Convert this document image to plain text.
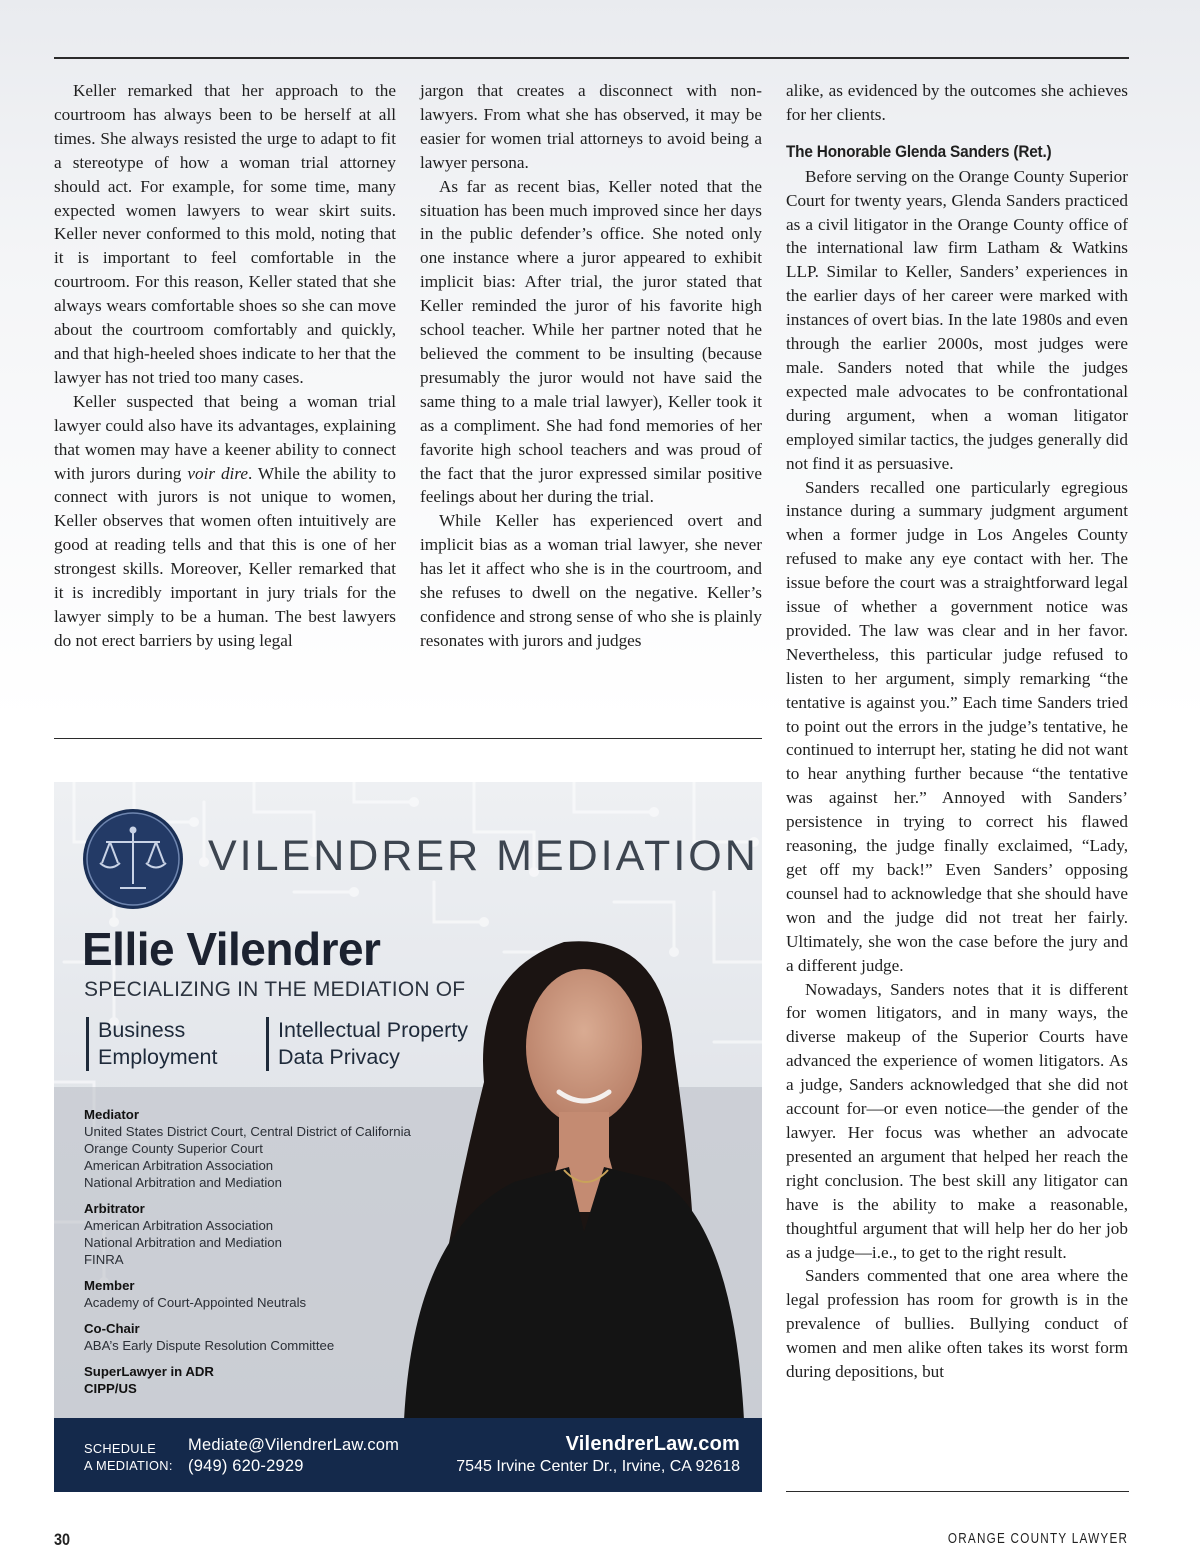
Keller remarked that her approach to the courtroom has always been to be herself at all times. She always resisted the urge to adapt to fit a stereotype of how a woman trial attorney should act. For example, for some time, many expected women lawyers to wear skirt suits. Keller never conformed to this mold, noting that it is important to feel comfortable in the courtroom. For this reason, Keller stated that she always wears comfortable shoes so she can move about the courtroom comfortably and quickly, and that high-heeled shoes indicate to her that the lawyer has not tried too many cases.

Keller suspected that being a woman trial lawyer could also have its advantages, explaining that women may have a keener ability to connect with jurors during voir dire. While the ability to connect with jurors is not unique to women, Keller observes that women often intuitively are good at reading tells and that this is one of her strongest skills. Moreover, Keller remarked that it is incredibly important in jury trials for the lawyer simply to be a human. The best lawyers do not erect barriers by using legal

jargon that creates a disconnect with non-lawyers. From what she has observed, it may be easier for women trial attorneys to avoid being a lawyer persona.

As far as recent bias, Keller noted that the situation has been much improved since her days in the public defender’s office. She noted only one instance where a juror appeared to exhibit implicit bias: After trial, the juror stated that Keller reminded the juror of his favorite high school teacher. While her partner noted that he believed the comment to be insulting (because presumably the juror would not have said the same thing to a male trial lawyer), Keller took it as a compliment. She had fond memories of her favorite high school teachers and was proud of the fact that the juror expressed similar positive feelings about her during the trial.

While Keller has experienced overt and implicit bias as a woman trial lawyer, she never has let it affect who she is in the courtroom, and she refuses to dwell on the negative. Keller’s confidence and strong sense of who she is plainly resonates with jurors and judges

alike, as evidenced by the outcomes she achieves for her clients.

The Honorable Glenda Sanders (Ret.)

Before serving on the Orange County Superior Court for twenty years, Glenda Sanders practiced as a civil litigator in the Orange County office of the international law firm Latham & Watkins LLP. Similar to Keller, Sanders’ experiences in the earlier days of her career were marked with instances of overt bias. In the late 1980s and even through the earlier 2000s, most judges were male. Sanders noted that while the judges expected male advocates to be confrontational during argument, when a woman litigator employed similar tactics, the judges generally did not find it as persuasive.

Sanders recalled one particularly egregious instance during a summary judgment argument when a former judge in Los Angeles County refused to make any eye contact with her. The issue before the court was a straightforward legal issue of whether a government notice was provided. The law was clear and in her favor. Nevertheless, this particular judge refused to listen to her argument, simply remarking “the tentative is against you.” Each time Sanders tried to point out the errors in the judge’s tentative, he continued to interrupt her, stating he did not want to hear anything further because “the tentative was against her.” Annoyed with Sanders’ persistence in trying to correct his flawed reasoning, the judge finally exclaimed, “Lady, get off my back!” Even Sanders’ opposing counsel had to acknowledge that she should have won and the judge did not treat her fairly. Ultimately, she won the case before the jury and a different judge.

Nowadays, Sanders notes that it is different for women litigators, and in many ways, the diverse makeup of the Superior Courts have advanced the experience of women litigators. As a judge, Sanders acknowledged that she did not account for—or even notice—the gender of the lawyer. Her focus was whether an advocate presented an argument that helped her reach the right conclusion. The best skill any litigator can have is the ability to make a reasonable, thoughtful argument that will help her do her job as a judge—i.e., to get to the right result.

Sanders commented that one area where the legal profession has room for growth is in the prevalence of bullies. Bullying conduct of women and men alike often takes its worst form during depositions, but

VILENDRER MEDIATION
Ellie Vilendrer
SPECIALIZING IN THE MEDIATION OF
Business
Employment
Intellectual Property
Data Privacy
Mediator
United States District Court, Central District of California
Orange County Superior Court
American Arbitration Association
National Arbitration and Mediation
Arbitrator
American Arbitration Association
National Arbitration and Mediation
FINRA
Member
Academy of Court-Appointed Neutrals
Co-Chair
ABA’s Early Dispute Resolution Committee
SuperLawyer in ADR
CIPP/US
SCHEDULE
A MEDIATION:
Mediate@VilendrerLaw.com
(949) 620-2929
VilendrerLaw.com
7545 Irvine Center Dr., Irvine, CA 92618
30	ORANGE COUNTY LAWYER
